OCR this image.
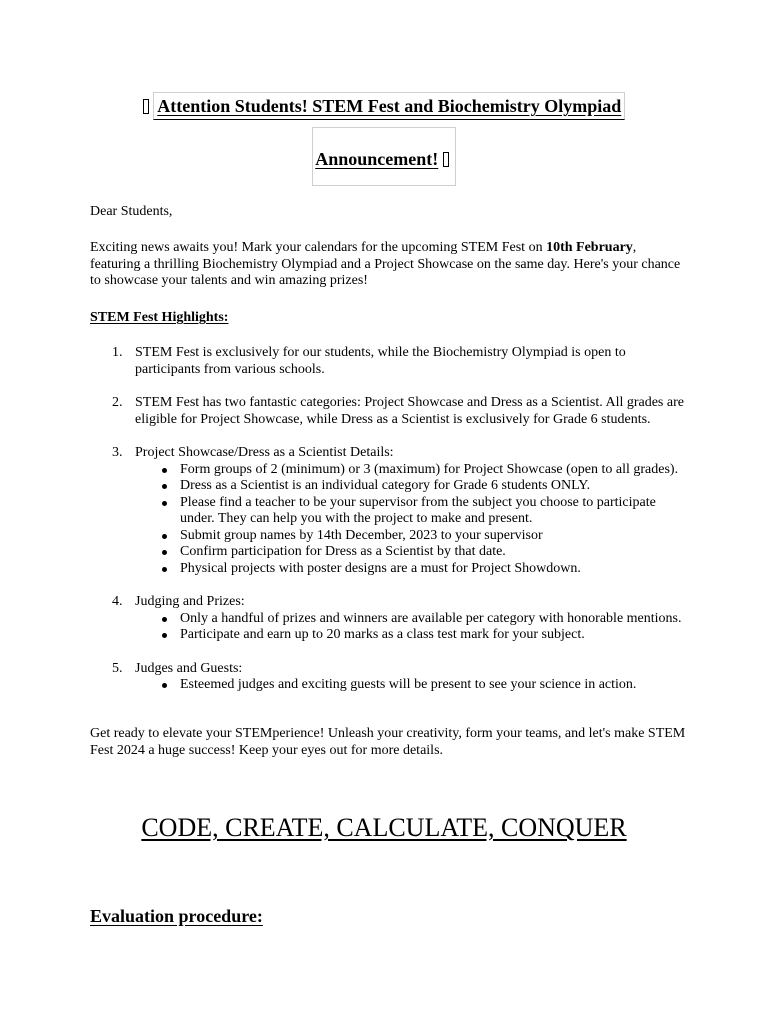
Attention Students! STEM Fest and Biochemistry Olympiad
Announcement!
Dear Students,
Exciting news awaits you! Mark your calendars for the upcoming STEM Fest on 10th February, featuring a thrilling Biochemistry Olympiad and a Project Showcase on the same day. Here's your chance to showcase your talents and win amazing prizes!
STEM Fest Highlights:
1. STEM Fest is exclusively for our students, while the Biochemistry Olympiad is open to participants from various schools.
2. STEM Fest has two fantastic categories: Project Showcase and Dress as a Scientist. All grades are eligible for Project Showcase, while Dress as a Scientist is exclusively for Grade 6 students.
3. Project Showcase/Dress as a Scientist Details:
Form groups of 2 (minimum) or 3 (maximum) for Project Showcase (open to all grades).
Dress as a Scientist is an individual category for Grade 6 students ONLY.
Please find a teacher to be your supervisor from the subject you choose to participate under. They can help you with the project to make and present.
Submit group names by 14th December, 2023 to your supervisor
Confirm participation for Dress as a Scientist by that date.
Physical projects with poster designs are a must for Project Showdown.
4. Judging and Prizes:
Only a handful of prizes and winners are available per category with honorable mentions.
Participate and earn up to 20 marks as a class test mark for your subject.
5. Judges and Guests:
Esteemed judges and exciting guests will be present to see your science in action.
Get ready to elevate your STEMperience! Unleash your creativity, form your teams, and let's make STEM Fest 2024 a huge success! Keep your eyes out for more details.
CODE, CREATE, CALCULATE, CONQUER
Evaluation procedure:
